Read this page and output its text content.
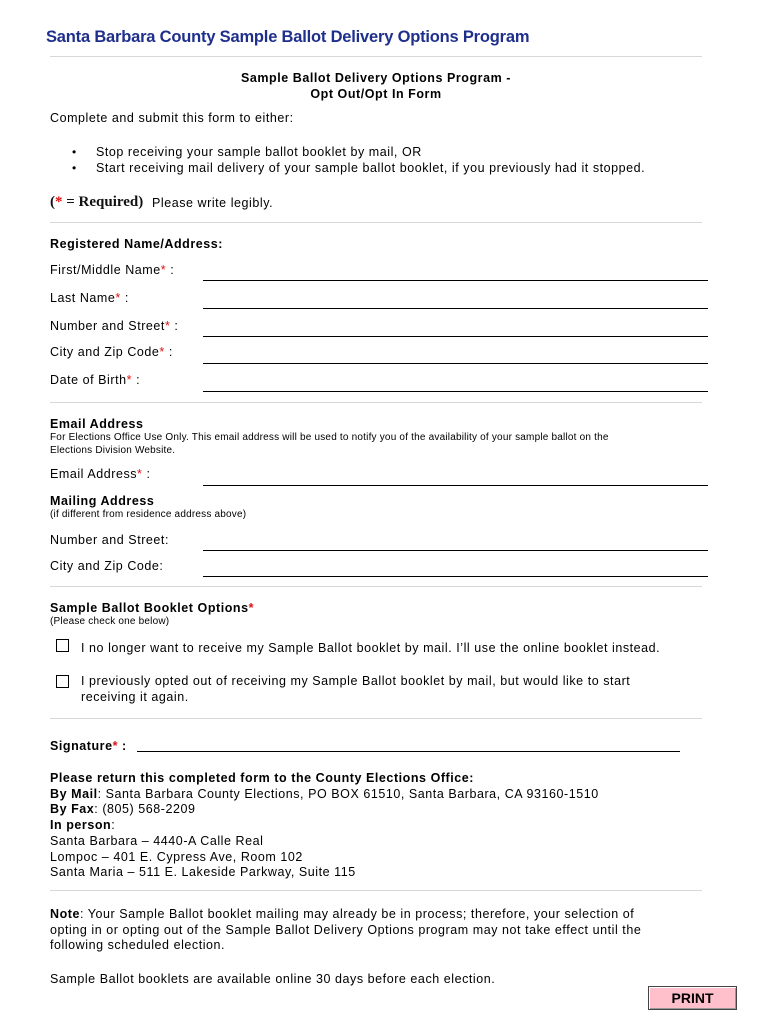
Santa Barbara County Sample Ballot Delivery Options Program
Sample Ballot Delivery Options Program -
Opt Out/Opt In Form
Complete and submit this form to either:
• Stop receiving your sample ballot booklet by mail, OR
• Start receiving mail delivery of your sample ballot booklet, if you previously had it stopped.
(* = Required) Please write legibly.
Registered Name/Address:
First/Middle Name* :
Last Name* :
Number and Street* :
City and Zip Code* :
Date of Birth* :
Email Address
For Elections Office Use Only. This email address will be used to notify you of the availability of your sample ballot on the
Elections Division Website.
Email Address* :
Mailing Address
(if different from residence address above)
Number and Street:
City and Zip Code:
Sample Ballot Booklet Options*
(Please check one below)
I no longer want to receive my Sample Ballot booklet by mail. I’ll use the online booklet instead.
I previously opted out of receiving my Sample Ballot booklet by mail, but would like to start
receiving it again.
Signature* :
Please return this completed form to the County Elections Office:
By Mail: Santa Barbara County Elections, PO BOX 61510, Santa Barbara, CA 93160-1510
By Fax: (805) 568-2209
In person:
Santa Barbara – 4440-A Calle Real
Lompoc – 401 E. Cypress Ave, Room 102
Santa Maria – 511 E. Lakeside Parkway, Suite 115
Note: Your Sample Ballot booklet mailing may already be in process; therefore, your selection of
opting in or opting out of the Sample Ballot Delivery Options program may not take effect until the
following scheduled election.
Sample Ballot booklets are available online 30 days before each election.
PRINT
